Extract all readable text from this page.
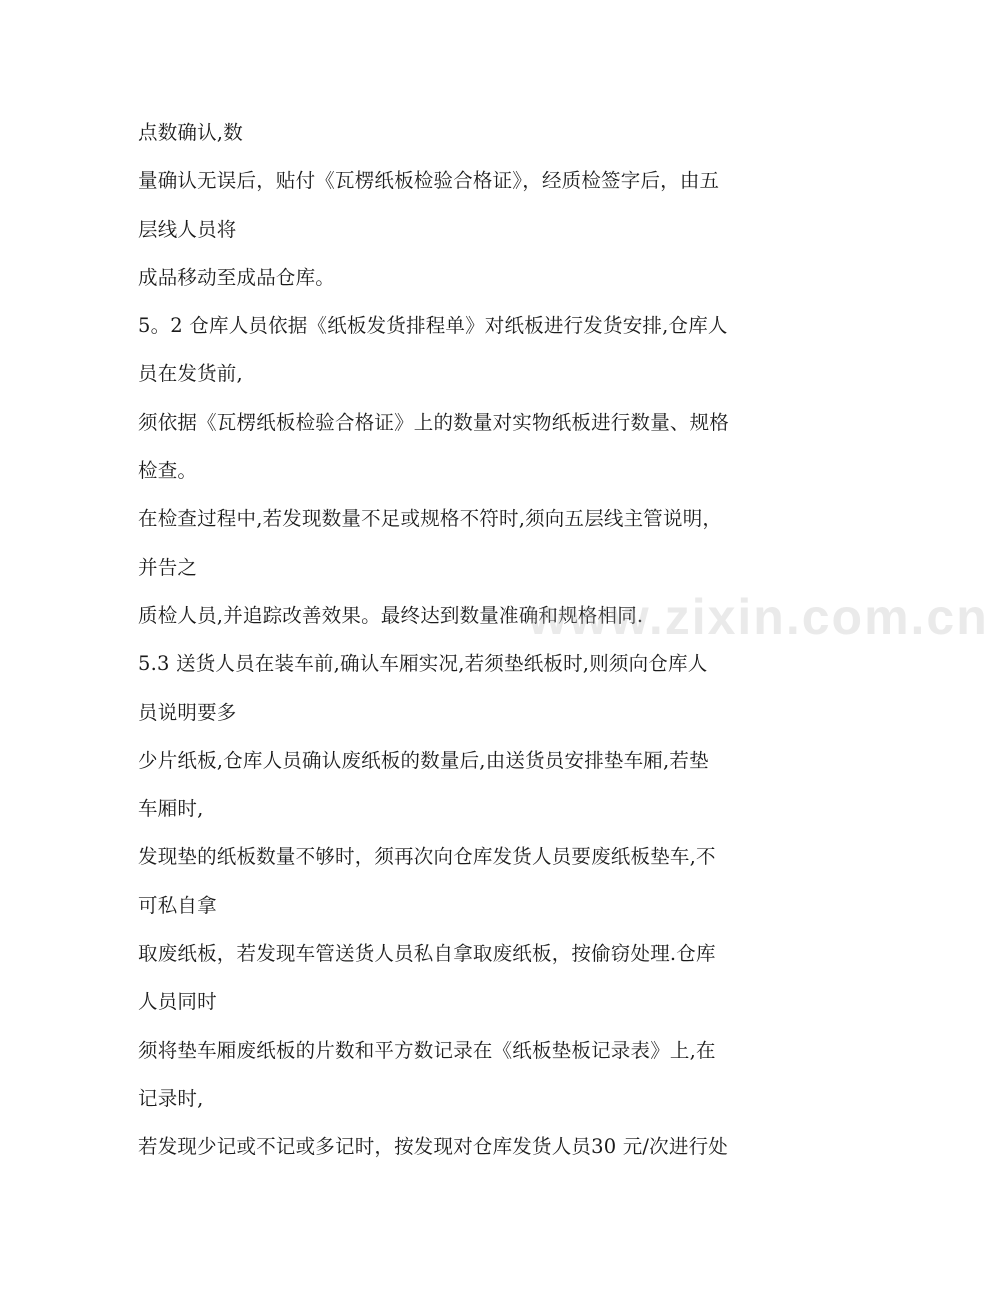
点数确认,数
量确认无误后，贴付《瓦楞纸板检验合格证》，经质检签字后，由五
层线人员将
成品移动至成品仓库。
5。2 仓库人员依据《纸板发货排程单》对纸板进行发货安排,仓库人
员在发货前,
须依据《瓦楞纸板检验合格证》上的数量对实物纸板进行数量、规格
检查。
在检查过程中,若发现数量不足或规格不符时,须向五层线主管说明，
并告之
质检人员,并追踪改善效果。最终达到数量准确和规格相同.
5.3 送货人员在装车前,确认车厢实况,若须垫纸板时,则须向仓库人
员说明要多
少片纸板,仓库人员确认废纸板的数量后,由送货员安排垫车厢,若垫
车厢时,
发现垫的纸板数量不够时，须再次向仓库发货人员要废纸板垫车,不
可私自拿
取废纸板，若发现车管送货人员私自拿取废纸板，按偷窃处理.仓库
人员同时
须将垫车厢废纸板的片数和平方数记录在《纸板垫板记录表》上,在
记录时,
若发现少记或不记或多记时，按发现对仓库发货人员30 元/次进行处
www.zixin.com.cn
